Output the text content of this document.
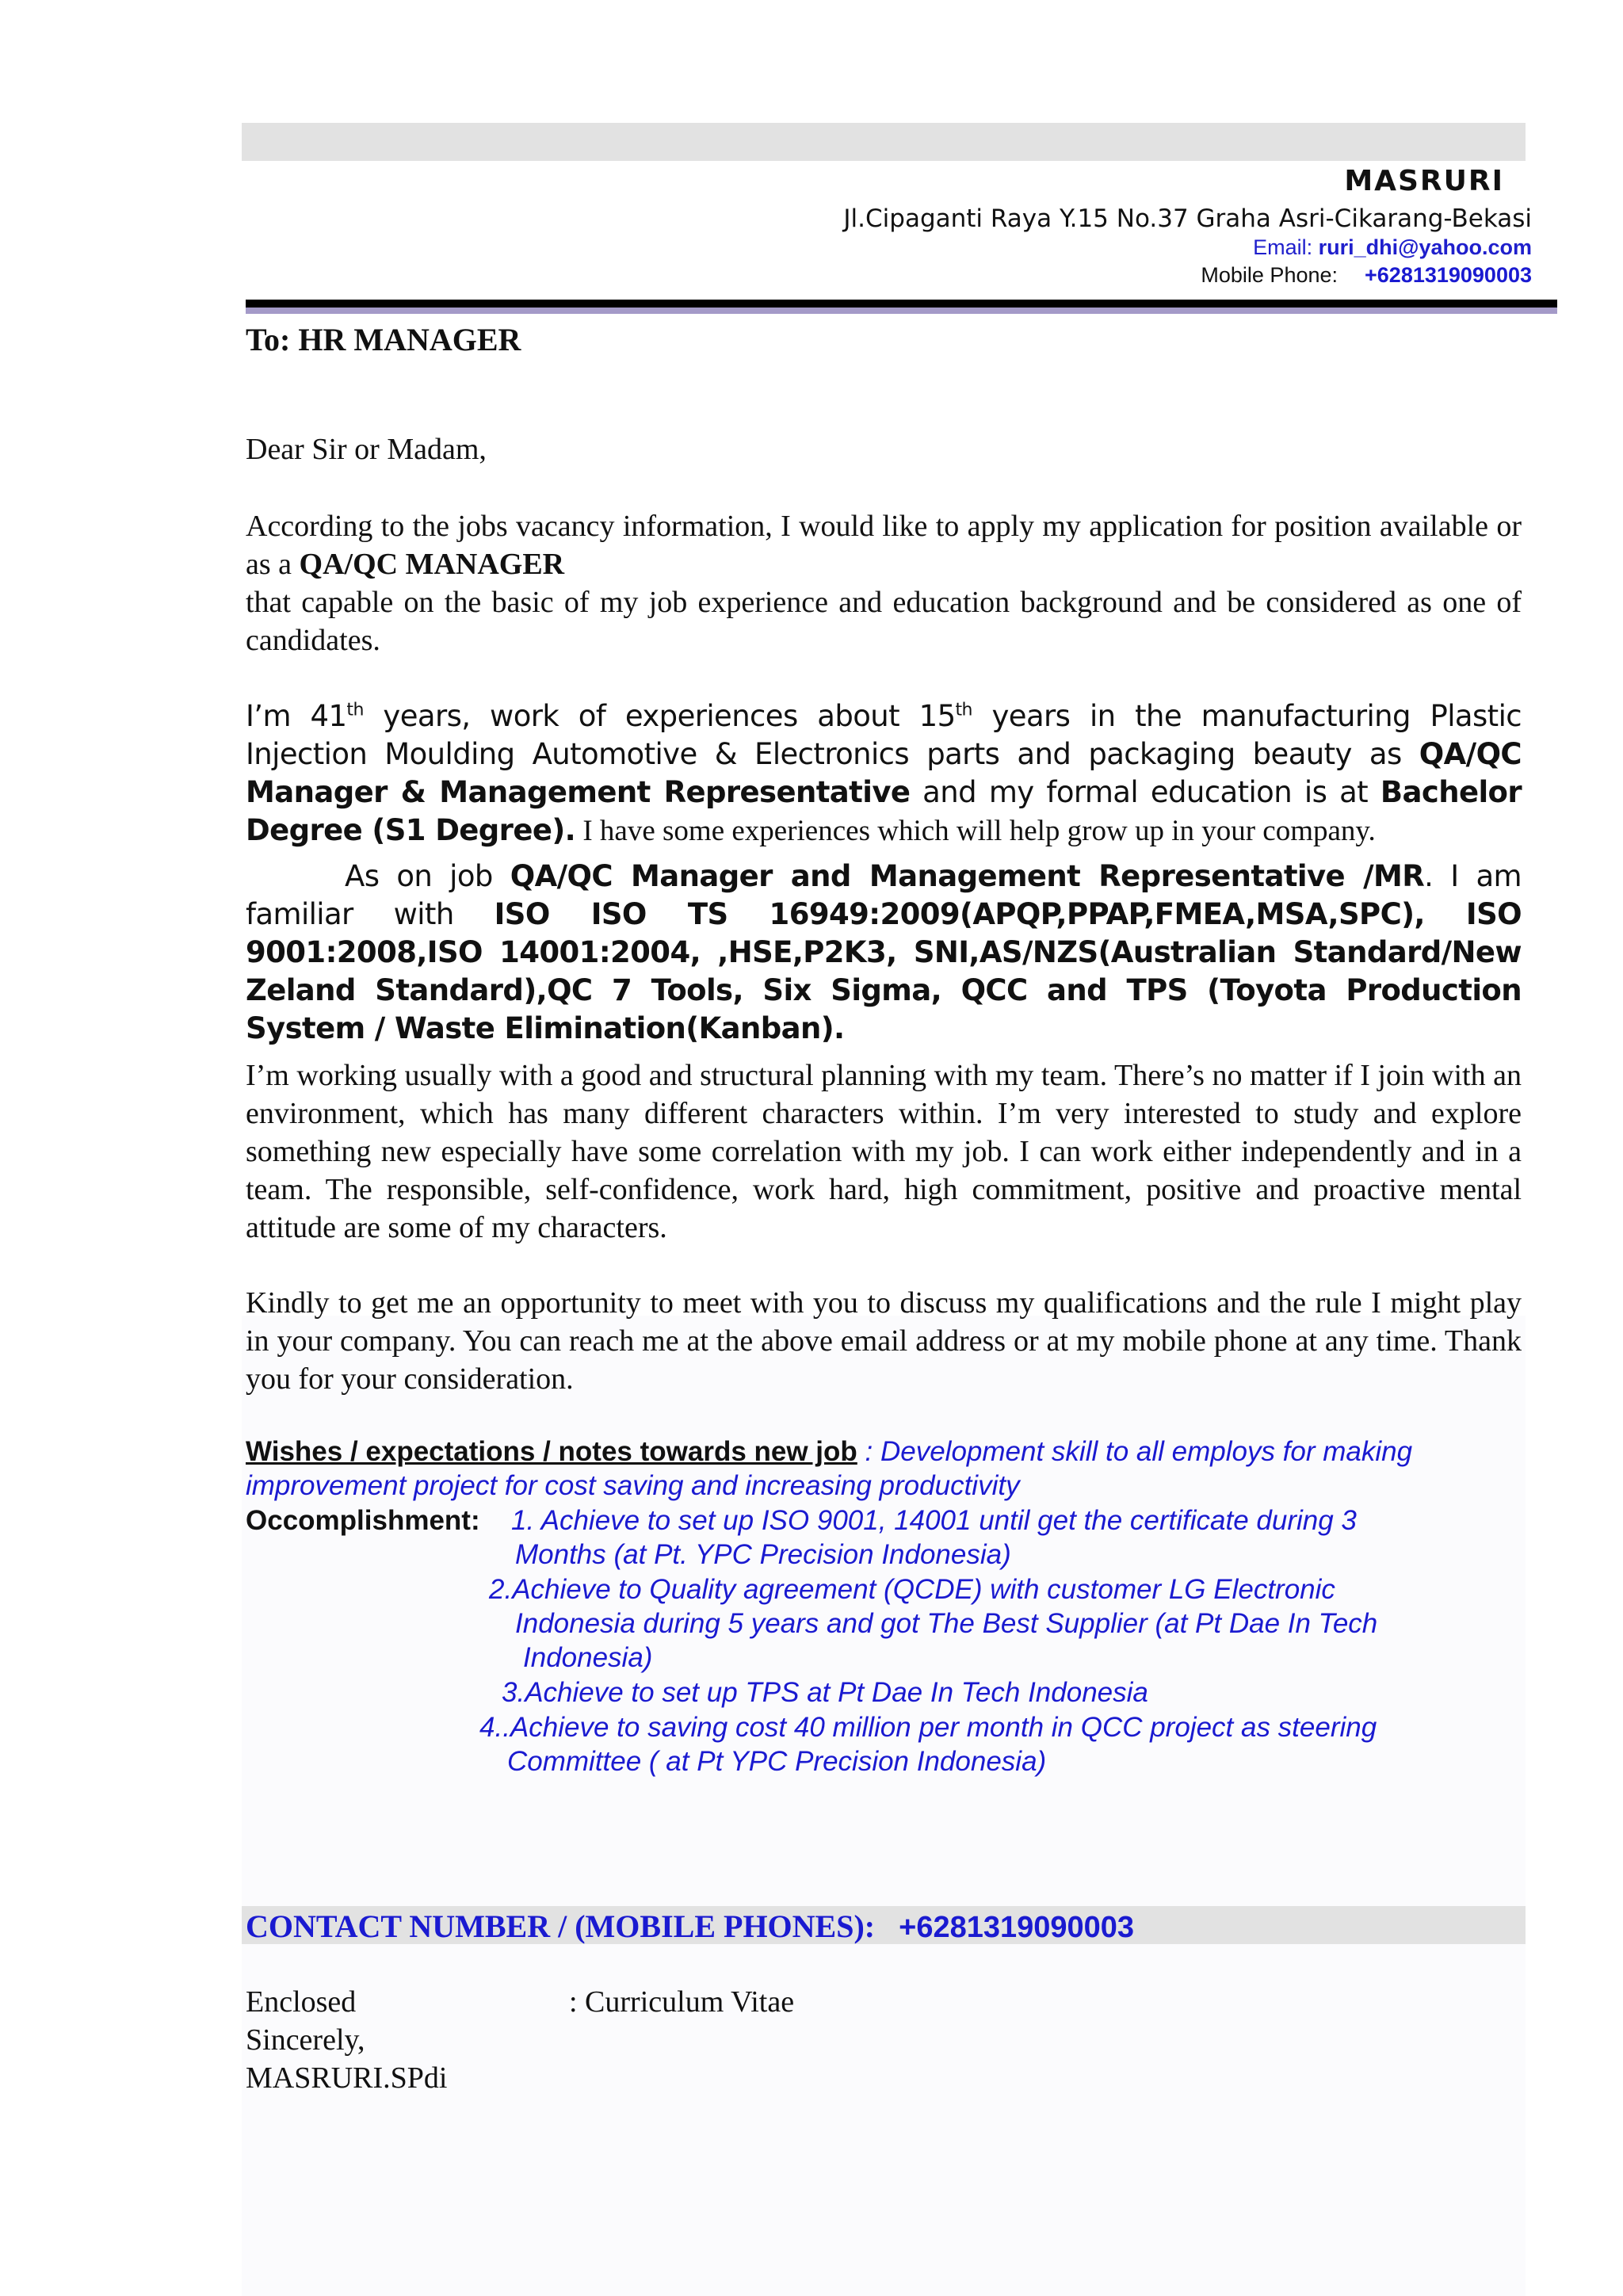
MASRURI
Jl.Cipaganti Raya Y.15 No.37 Graha Asri-Cikarang-Bekasi
Email: ruri_dhi@yahoo.com
Mobile Phone: +6281319090003
To: HR MANAGER
Dear Sir or Madam,
According to the jobs vacancy information, I would like to apply my application for position available or as a QA/QC MANAGER
that capable on the basic of my job experience and education background and be considered as one of candidates.
I’m 41th years, work of experiences about 15th years in the manufacturing Plastic Injection Moulding Automotive & Electronics parts and packaging beauty as QA/QC Manager & Management Representative and my formal education is at Bachelor Degree (S1 Degree). I have some experiences which will help grow up in your company.
As on job QA/QC Manager and Management Representative /MR. I am familiar with ISO ISO TS 16949:2009(APQP,PPAP,FMEA,MSA,SPC), ISO 9001:2008,ISO 14001:2004, ,HSE,P2K3, SNI,AS/NZS(Australian Standard/New Zeland Standard),QC 7 Tools, Six Sigma, QCC and TPS (Toyota Production System / Waste Elimination(Kanban).
I’m working usually with a good and structural planning with my team. There’s no matter if I join with an environment, which has many different characters within. I’m very interested to study and explore something new especially have some correlation with my job. I can work either independently and in a team. The responsible, self-confidence, work hard, high commitment, positive and proactive mental attitude are some of my characters.
Kindly to get me an opportunity to meet with you to discuss my qualifications and the rule I might play in your company. You can reach me at the above email address or at my mobile phone at any time. Thank you for your consideration.
Wishes / expectations / notes towards new job : Development skill to all employs for making improvement project for cost saving and increasing productivity
Occomplishment: 1. Achieve to set up ISO 9001, 14001 until get the certificate during 3
Months (at Pt. YPC Precision Indonesia)
2.Achieve to Quality agreement (QCDE) with customer LG Electronic
Indonesia during 5 years and got The Best Supplier (at Pt Dae In Tech
Indonesia)
3.Achieve to set up TPS at Pt Dae In Tech Indonesia
4..Achieve to saving cost 40 million per month in QCC project as steering
Committee ( at Pt YPC Precision Indonesia)
CONTACT NUMBER / (MOBILE PHONES): +6281319090003
Enclosed	: Curriculum Vitae
Sincerely,
MASRURI.SPdi
